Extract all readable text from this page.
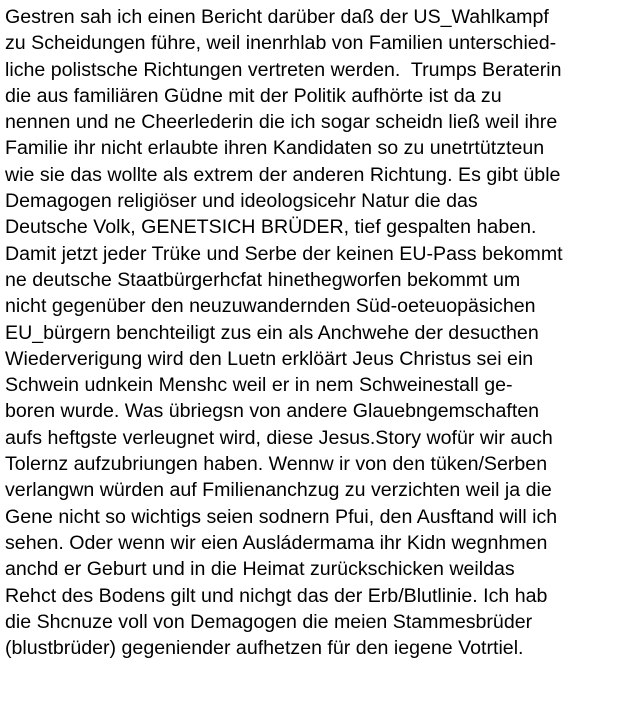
Gestren sah ich einen Bericht darüber daß der US_Wahlkampf
zu Scheidungen führe, weil inenrhlab von Familien unterschied-
liche polistsche Richtungen vertreten werden.  Trumps Beraterin
die aus familiären Güdne mit der Politik aufhörte ist da zu
nennen und ne Cheerlederin die ich sogar scheidn ließ weil ihre
Familie ihr nicht erlaubte ihren Kandidaten so zu unetrtützteun
wie sie das wollte als extrem der anderen Richtung. Es gibt üble
Demagogen religiöser und ideologsicehr Natur die das
Deutsche Volk, GENETSICH BRÜDER, tief gespalten haben.
Damit jetzt jeder Trüke und Serbe der keinen EU-Pass bekommt
ne deutsche Staatbürgerhcfat hinethegworfen bekommt um
nicht gegenüber den neuzuwandernden Süd-oeteuopäsichen
EU_bürgern benchteiligt zus ein als Anchwehe der desucthen
Wiederverigung wird den Luetn erklöärt Jeus Christus sei ein
Schwein udnkein Menshc weil er in nem Schweinestall ge-
boren wurde. Was übriegsn von andere Glauebngemschaften
aufs heftgste verleugnet wird, diese Jesus.Story wofür wir auch
Tolernz aufzubriungen haben. Wennw ir von den tüken/Serben
verlangwn würden auf Fmilienanchzug zu verzichten weil ja die
Gene nicht so wichtigs seien sodnern Pfui, den Ausftand will ich
sehen. Oder wenn wir eien Ausládermama ihr Kidn wegnhmen
anchd er Geburt und in die Heimat zurückschicken weildas
Rehct des Bodens gilt und nichgt das der Erb/Blutlinie. Ich hab
die Shcnuze voll von Demagogen die meien Stammesbrüder
(blustbrüder) gegeniender aufhetzen für den iegene Votrtiel.
